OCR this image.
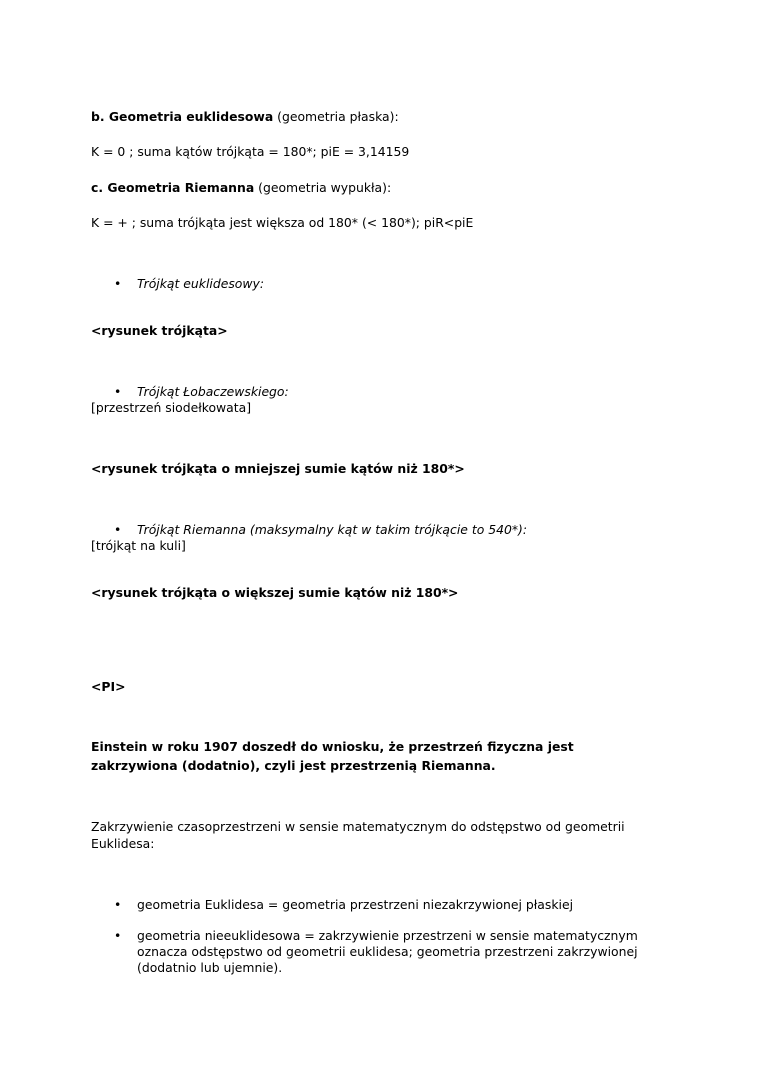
b. Geometria euklidesowa (geometria płaska):
K = 0 ; suma kątów trójkąta = 180*; piE = 3,14159
c. Geometria Riemanna (geometria wypukła):
K = + ; suma trójkąta jest większa od 180* (< 180*); piR<piE
• Trójkąt euklidesowy:
<rysunek trójkąta>
• Trójkąt Łobaczewskiego:
[przestrzeń siodełkowata]
<rysunek trójkąta o mniejszej sumie kątów niż 180*>
• Trójkąt Riemanna (maksymalny kąt w takim trójkącie to 540*):
[trójkąt na kuli]
<rysunek trójkąta o większej sumie kątów niż 180*>
<PI>
Einstein w roku 1907 doszedł do wniosku, że przestrzeń fizyczna jest
zakrzywiona (dodatnio), czyli jest przestrzenią Riemanna.
Zakrzywienie czasoprzestrzeni w sensie matematycznym do odstępstwo od geometrii
Euklidesa:
• geometria Euklidesa = geometria przestrzeni niezakrzywionej płaskiej
• geometria nieeuklidesowa = zakrzywienie przestrzeni w sensie matematycznym
oznacza odstępstwo od geometrii euklidesa; geometria przestrzeni zakrzywionej
(dodatnio lub ujemnie).
